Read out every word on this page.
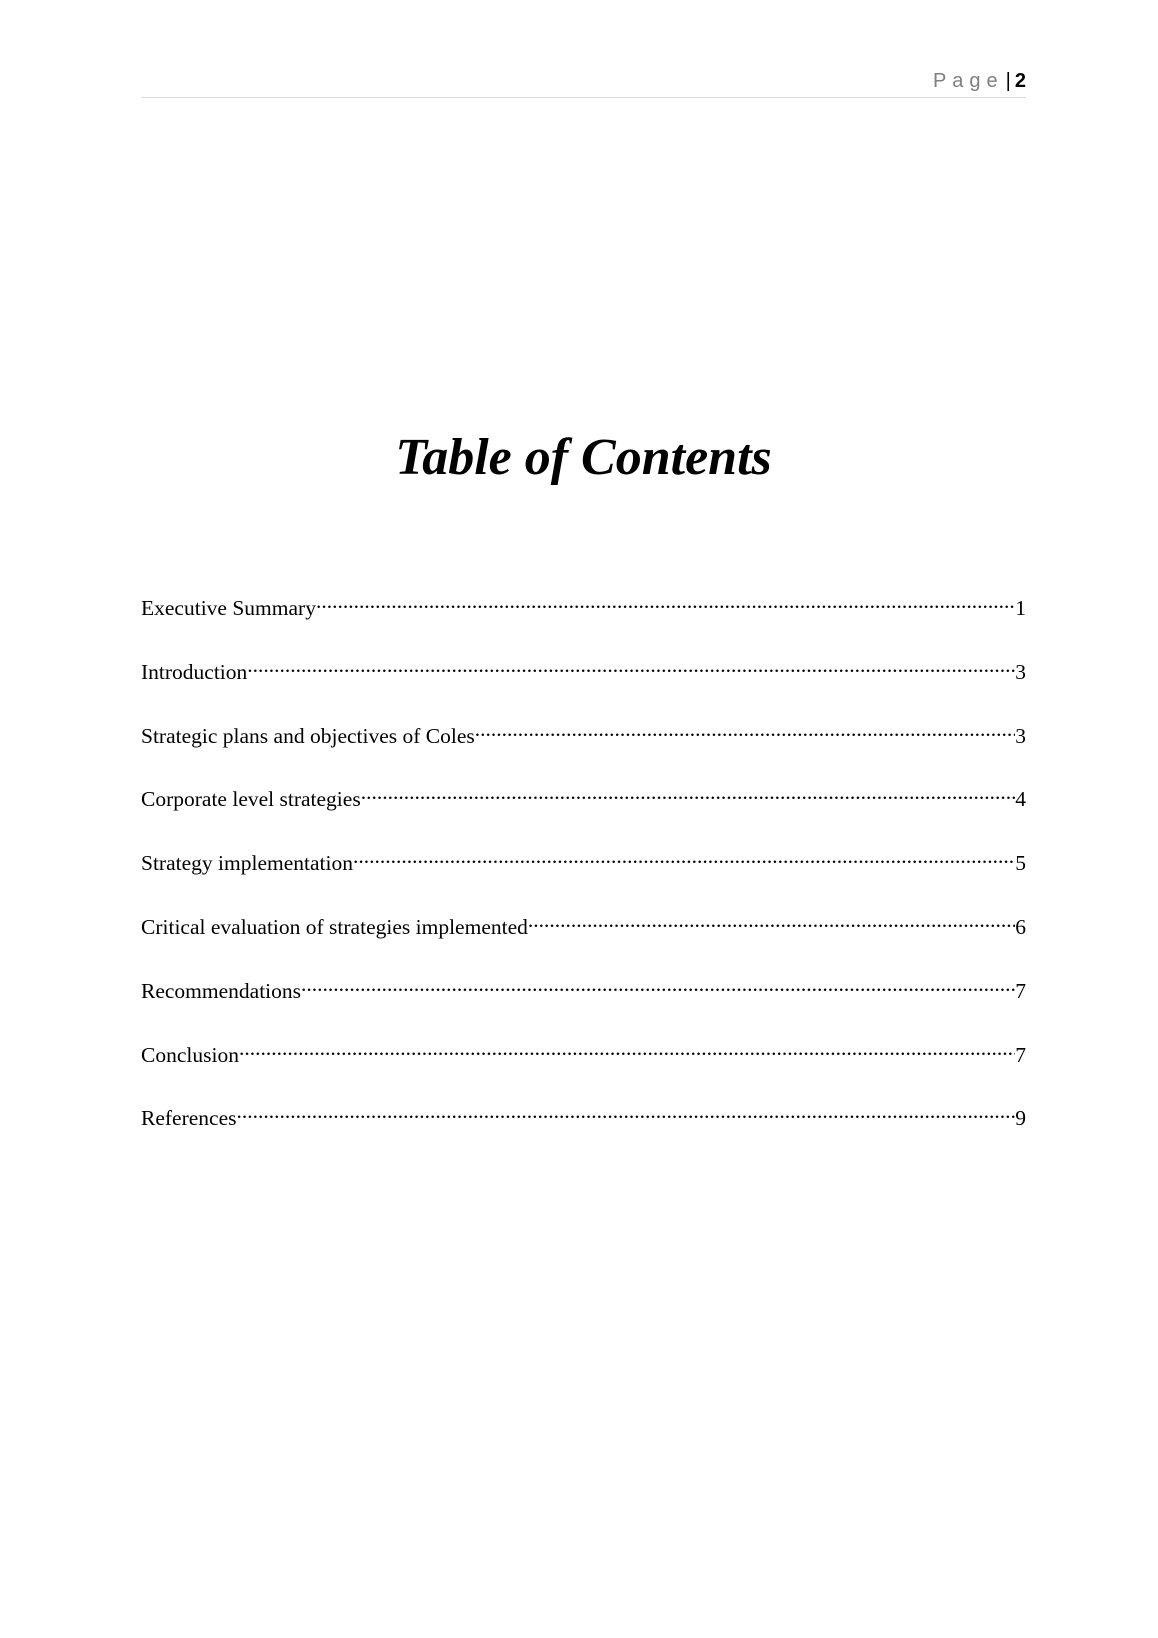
Page | 2
Table of Contents
Executive Summary .....	1
Introduction .....	3
Strategic plans and objectives of Coles .....	3
Corporate level strategies .....	4
Strategy implementation .....	5
Critical evaluation of strategies implemented .....	6
Recommendations .....	7
Conclusion .....	7
References .....	9
